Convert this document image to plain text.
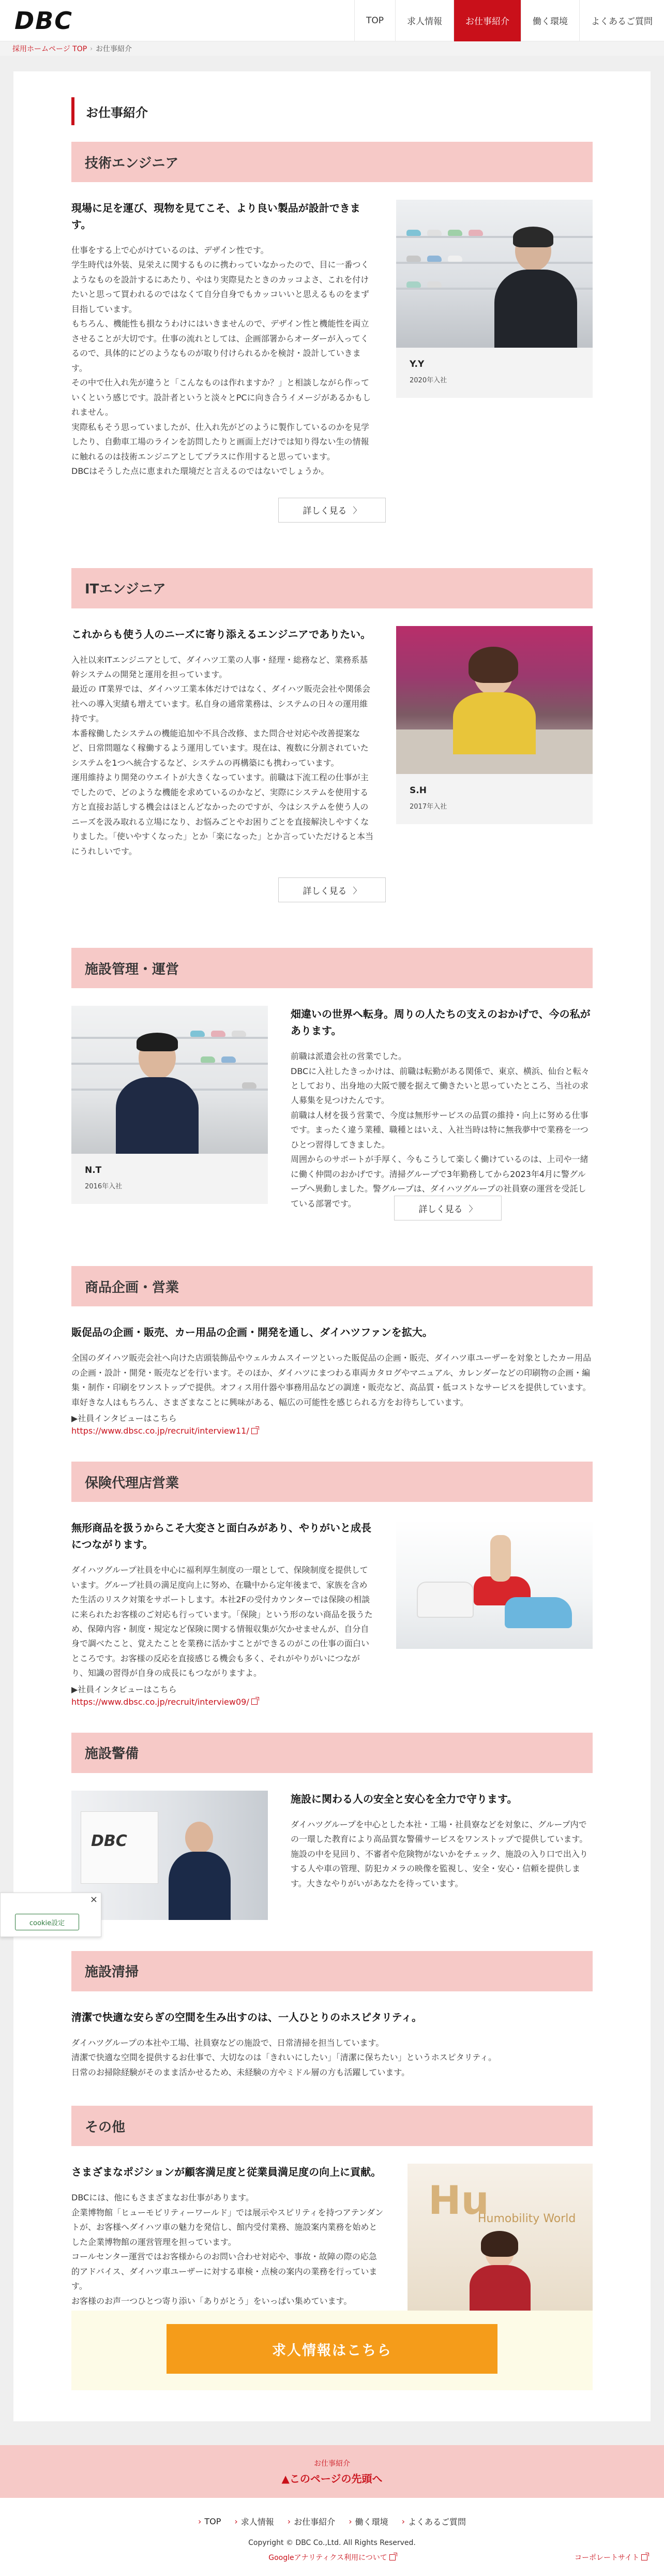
DBC	TOP	求人情報	お仕事紹介	働く環境	よくあるご質問
採用ホームページ TOP › お仕事紹介
お仕事紹介
技術エンジニア

現場に足を運び、現物を見てこそ、より良い製品が設計できます。

仕事をする上で心がけているのは、デザイン性です。
学生時代は外装、見栄えに関するものに携わっていなかったので、目に一番つくようなものを設計するにあたり、やはり実際見たときのカッコよさ、これを付けたいと思って買われるのではなくて自分自身でもカッコいいと思えるものをまず目指しています。
もちろん、機能性も損なうわけにはいきませんので、デザイン性と機能性を両立させることが大切です。仕事の流れとしては、企画部署からオーダーが入ってくるので、具体的にどのようなものが取り付けられるかを検討・設計していきます。
その中で仕入れ先が違うと「こんなものは作れますか？」と相談しながら作っていくという感じです。設計者というと淡々とPCに向き合うイメージがあるかもしれません。
実際私もそう思っていましたが、仕入れ先がどのように製作しているのかを見学したり、自動車工場のラインを訪問したりと画面上だけでは知り得ない生の情報に触れるのは技術エンジニアとしてプラスに作用すると思っています。
DBCはそうした点に恵まれた環境だと言えるのではないでしょうか。
Y.Y
2020年入社
詳しく見る 〉
ITエンジニア

これからも使う人のニーズに寄り添えるエンジニアでありたい。

入社以来ITエンジニアとして、ダイハツ工業の人事・経理・総務など、業務系基幹システムの開発と運用を担っています。
最近の IT業界では、ダイハツ工業本体だけではなく、ダイハツ販売会社や関係会社への導入実績も増えています。私自身の通常業務は、システムの日々の運用維持です。
本番稼働したシステムの機能追加や不具合改修、また問合せ対応や改善提案など、日常問題なく稼働するよう運用しています。現在は、複数に分割されていたシステムを1つへ統合するなど、システムの再構築にも携わっています。
運用維持より開発のウエイトが大きくなっています。前職は下流工程の仕事が主でしたので、どのような機能を求めているのかなど、実際にシステムを使用する方と直接お話しする機会はほとんどなかったのですが、今はシステムを使う人のニーズを汲み取れる立場になり、お悩みごとやお困りごとを直接解決しやすくなりました。「使いやすくなった」とか「楽になった」とか言っていただけると本当にうれしいです。
S.H
2017年入社
詳しく見る 〉
施設管理・運営

畑違いの世界へ転身。周りの人たちの支えのおかげで、今の私があります。

前職は派遣会社の営業でした。
DBCに入社したきっかけは、前職は転勤がある関係で、東京、横浜、仙台と転々としており、出身地の大阪で腰を据えて働きたいと思っていたところ、当社の求人募集を見つけたんです。
前職は人材を扱う営業で、今度は無形サービスの品質の維持・向上に努める仕事です。まったく違う業種、職種とはいえ、入社当時は特に無我夢中で業務を一つひとつ習得してきました。
周囲からのサポートが手厚く、今もこうして楽しく働けているのは、上司や一緒に働く仲間のおかげです。清掃グループで3年勤務してから2023年4月に警グループへ異動しました。警グループは、ダイハツグループの社員寮の運営を受託している部署です。
N.T
2016年入社
詳しく見る 〉
商品企画・営業

販促品の企画・販売、カー用品の企画・開発を通し、ダイハツファンを拡大。

全国のダイハツ販売会社へ向けた店頭装飾品やウェルカムスイーツといった販促品の企画・販売、ダイハツ車ユーザーを対象としたカー用品の企画・設計・開発・販売などを行います。そのほか、ダイハツにまつわる車両カタログやマニュアル、カレンダーなどの印刷物の企画・編集・制作・印刷をワンストップで提供。オフィス用什器や事務用品などの調達・販売など、高品質・低コストなサービスを提供しています。車好きな人はもちろん、さまざまなことに興味がある、幅広の可能性を感じられる方をお待ちしています。
▶社員インタビューはこちら
https://www.dbsc.co.jp/recruit/interview11/
保険代理店営業

無形商品を扱うからこそ大変さと面白みがあり、やりがいと成長につながります。

ダイハツグループ社員を中心に福利厚生制度の一環として、保険制度を提供しています。グループ社員の満足度向上に努め、在職中から定年後まで、家族を含めた生活のリスク対策をサポートします。本社2Fの受付カウンターでは保険の相談に来られたお客様のご対応も行っています。「保険」という形のない商品を扱うため、保障内容・制度・規定など保険に関する情報収集が欠かせませんが、自分自身で調べたこと、覚えたことを業務に活かすことができるのがこの仕事の面白いところです。お客様の反応を直接感じる機会も多く、それがやりがいにつながり、知識の習得が自身の成長にもつながりますよ。
▶社員インタビューはこちら
https://www.dbsc.co.jp/recruit/interview09/
施設警備

施設に関わる人の安全と安心を全力で守ります。

ダイハツグループを中心とした本社・工場・社員寮などを対象に、グループ内での一環した教育により高品質な警備サービスをワンストップで提供しています。施設の中を見回り、不審者や危険物がないかをチェック、施設の入り口で出入りする人や車の管理、防犯カメラの映像を監視し、安全・安心・信頼を提供します。大きなやりがいがあなたを待っています。
DBC
施設清掃

清潔で快適な安らぎの空間を生み出すのは、一人ひとりのホスピタリティ。

ダイハツグループの本社や工場、社員寮などの施設で、日常清掃を担当しています。
清潔で快適な空間を提供するお仕事で、大切なのは「きれいにしたい」「清潔に保ちたい」というホスピタリティ。
日常のお掃除経験がそのまま活かせるため、未経験の方やミドル層の方も活躍しています。
その他

さまざまなポジションが顧客満足度と従業員満足度の向上に貢献。

DBCには、他にもさまざまなお仕事があります。
企業博物館「ヒューモビリティーワールド」では展示やスピリティを持つアテンダントが、お客様へダイハツ車の魅力を発信し、館内受付業務、施設案内業務を始めとした企業博物館の運営管理を担っています。
コールセンター運営ではお客様からのお問い合わせ対応や、事故・故障の際の応急的アドバイス、ダイハツ車ユーザーに対する車検・点検の案内の業務を行っています。
お客様のお声一つひとつ寄り添い「ありがとう」をいっぱい集めています。
Hu
Humobility World
求人情報はこちら
×
cookie設定
お仕事紹介
▲このページの先頭へ
› TOP › 求人情報 › お仕事紹介 › 働く環境 › よくあるご質問
Copyright © DBC Co.,Ltd. All Rights Reserved.
Googleアナリティクス利用について	コーポレートサイト
